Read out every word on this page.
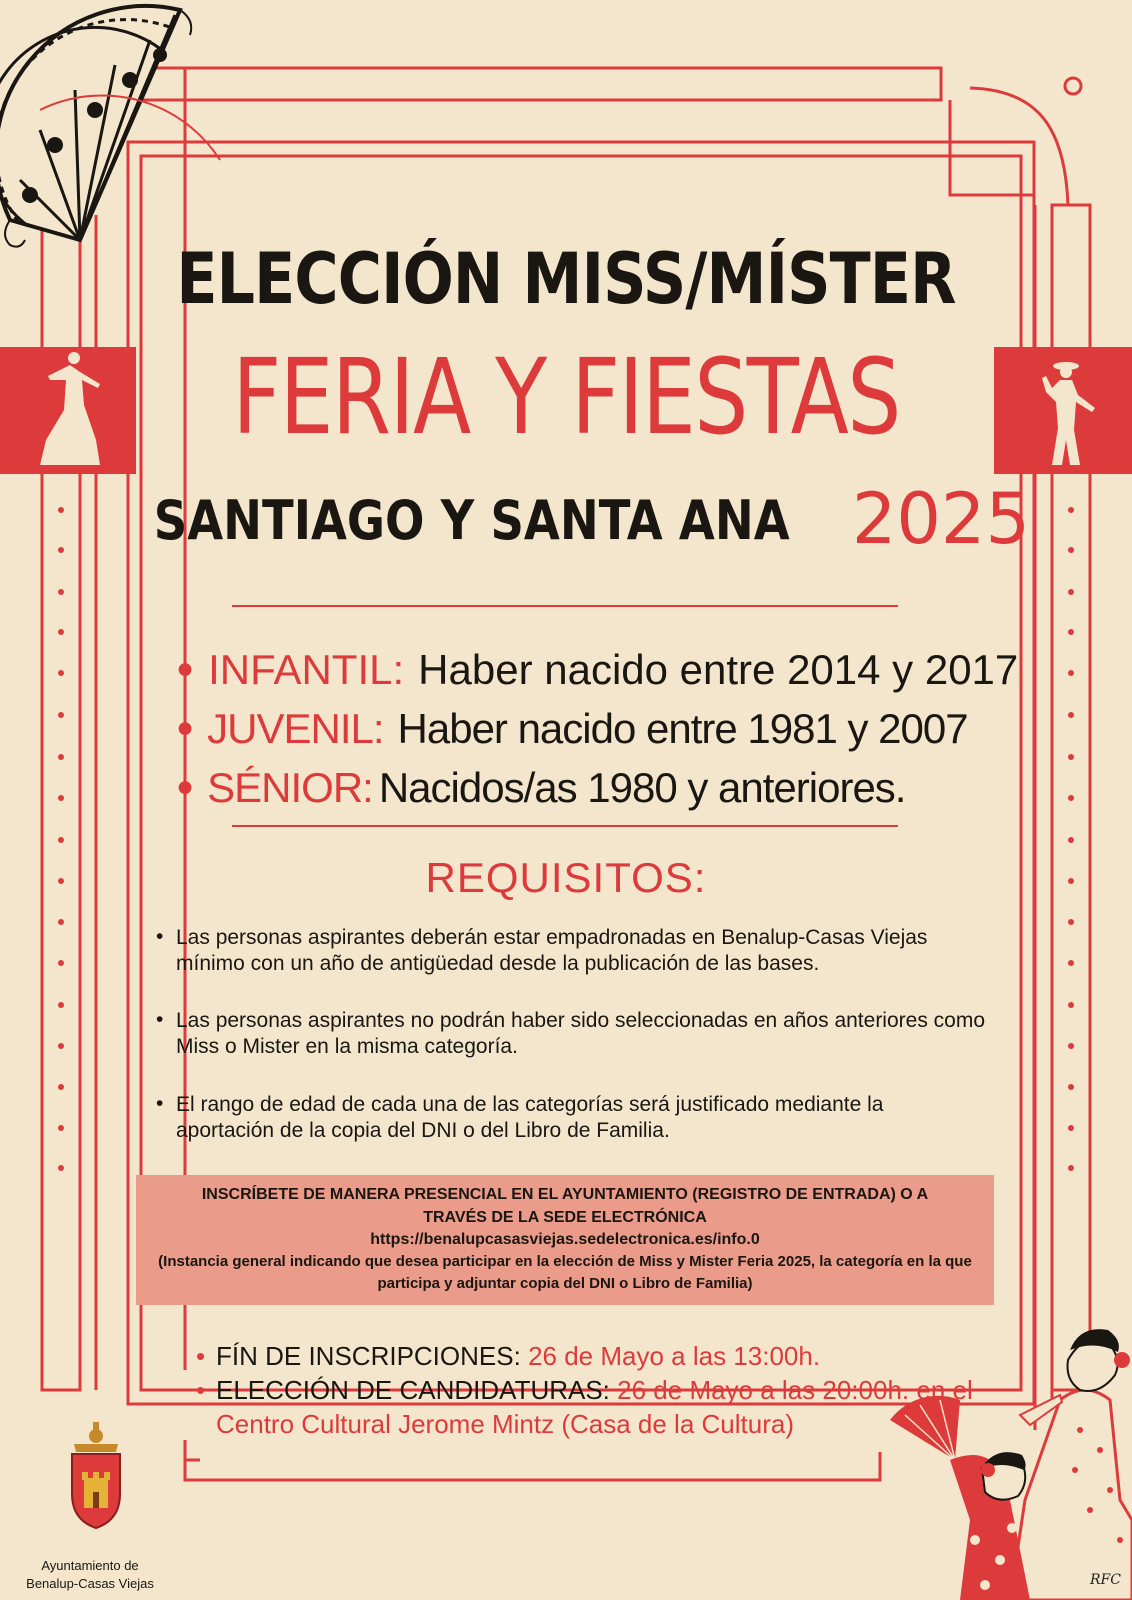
ELECCIÓN MISS/MÍSTER
FERIA Y FIESTAS
SANTIAGO Y SANTA ANA 2025
● INFANTIL: Haber nacido entre 2014 y 2017
● JUVENIL: Haber nacido entre 1981 y 2007
● SÉNIOR: Nacidos/as 1980 y anteriores.
REQUISITOS:
• Las personas aspirantes deberán estar empadronadas en Benalup-Casas Viejas mínimo con un año de antigüedad desde la publicación de las bases.
• Las personas aspirantes no podrán haber sido seleccionadas en años anteriores como Miss o Mister en la misma categoría.
• El rango de edad de cada una de las categorías será justificado mediante la aportación de la copia del DNI o del Libro de Familia.
INSCRÍBETE DE MANERA PRESENCIAL EN EL AYUNTAMIENTO (REGISTRO DE ENTRADA) O A TRAVÉS DE LA SEDE ELECTRÓNICA
https://benalupcasasviejas.sedelectronica.es/info.0
(Instancia general indicando que desea participar en la elección de Miss y Mister Feria 2025, la categoría en la que participa y adjuntar copia del DNI o Libro de Familia)
• FÍN DE INSCRIPCIONES: 26 de Mayo a las 13:00h.
• ELECCIÓN DE CANDIDATURAS: 26 de Mayo a las 20:00h. en el Centro Cultural Jerome Mintz (Casa de la Cultura)
Ayuntamiento de
Benalup-Casas Viejas	RFC
